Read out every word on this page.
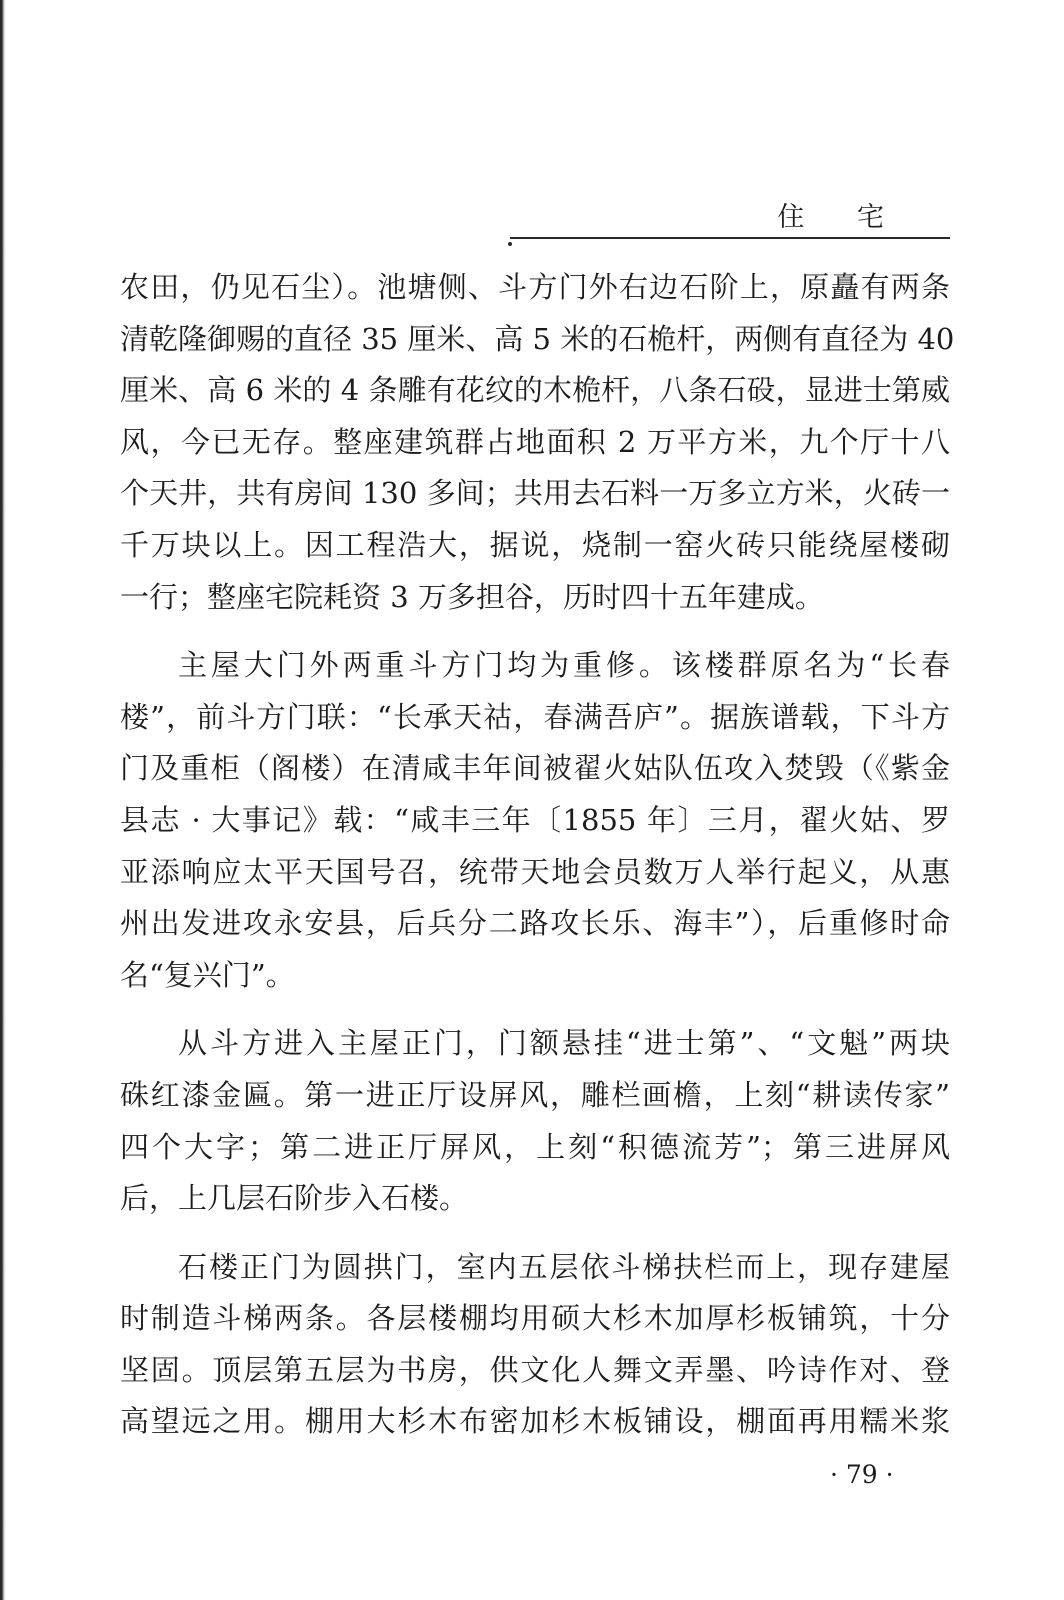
住 宅
农田，仍见石尘）。池塘侧、斗方门外右边石阶上，原矗有两条
清乾隆御赐的直径 35 厘米、高 5 米的石桅杆，两侧有直径为 40
厘米、高 6 米的 4 条雕有花纹的木桅杆，八条石砓，显进士第威
风，今已无存。整座建筑群占地面积 2 万平方米，九个厅十八
个天井，共有房间 130 多间；共用去石料一万多立方米，火砖一
千万块以上。因工程浩大，据说，烧制一窑火砖只能绕屋楼砌
一行；整座宅院耗资 3 万多担谷，历时四十五年建成。
主屋大门外两重斗方门均为重修。该楼群原名为“长春
楼”，前斗方门联：“长承天祜，春满吾庐”。据族谱载，下斗方
门及重柜（阁楼）在清咸丰年间被翟火姑队伍攻入焚毁（《紫金
县志 · 大事记》载：“咸丰三年〔1855 年〕三月，翟火姑、罗
亚添响应太平天国号召，统带天地会员数万人举行起义，从惠
州出发进攻永安县，后兵分二路攻长乐、海丰”），后重修时命
名“复兴门”。
从斗方进入主屋正门，门额悬挂“进士第”、“文魁”两块
硃红漆金匾。第一进正厅设屏风，雕栏画檐，上刻“耕读传家”
四个大字；第二进正厅屏风，上刻“积德流芳”；第三进屏风
后，上几层石阶步入石楼。
石楼正门为圆拱门，室内五层依斗梯扶栏而上，现存建屋
时制造斗梯两条。各层楼棚均用硕大杉木加厚杉板铺筑，十分
坚固。顶层第五层为书房，供文化人舞文弄墨、吟诗作对、登
高望远之用。棚用大杉木布密加杉木板铺设，棚面再用糯米浆
· 79 ·
